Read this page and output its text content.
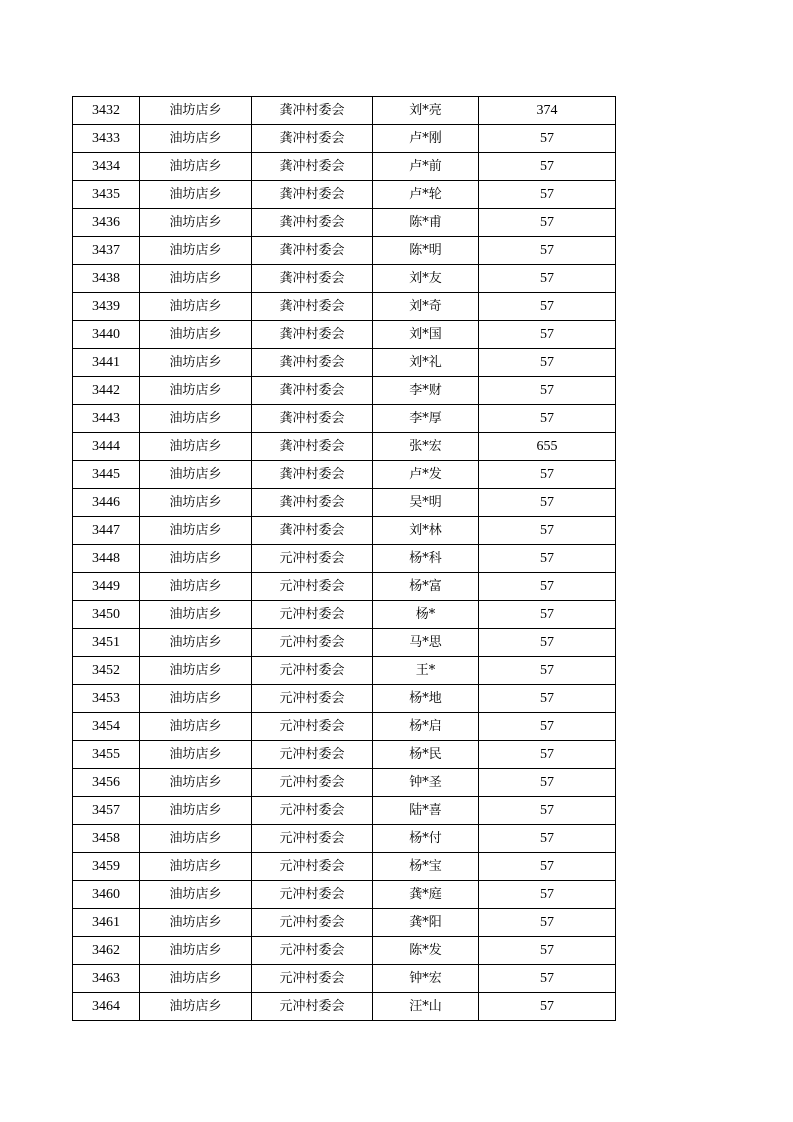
3432	油坊店乡	龚冲村委会	刘*亮	374
3433	油坊店乡	龚冲村委会	卢*刚	57
3434	油坊店乡	龚冲村委会	卢*前	57
3435	油坊店乡	龚冲村委会	卢*轮	57
3436	油坊店乡	龚冲村委会	陈*甫	57
3437	油坊店乡	龚冲村委会	陈*明	57
3438	油坊店乡	龚冲村委会	刘*友	57
3439	油坊店乡	龚冲村委会	刘*奇	57
3440	油坊店乡	龚冲村委会	刘*国	57
3441	油坊店乡	龚冲村委会	刘*礼	57
3442	油坊店乡	龚冲村委会	李*财	57
3443	油坊店乡	龚冲村委会	李*厚	57
3444	油坊店乡	龚冲村委会	张*宏	655
3445	油坊店乡	龚冲村委会	卢*发	57
3446	油坊店乡	龚冲村委会	吴*明	57
3447	油坊店乡	龚冲村委会	刘*林	57
3448	油坊店乡	元冲村委会	杨*科	57
3449	油坊店乡	元冲村委会	杨*富	57
3450	油坊店乡	元冲村委会	杨*	57
3451	油坊店乡	元冲村委会	马*思	57
3452	油坊店乡	元冲村委会	王*	57
3453	油坊店乡	元冲村委会	杨*地	57
3454	油坊店乡	元冲村委会	杨*启	57
3455	油坊店乡	元冲村委会	杨*民	57
3456	油坊店乡	元冲村委会	钟*圣	57
3457	油坊店乡	元冲村委会	陆*喜	57
3458	油坊店乡	元冲村委会	杨*付	57
3459	油坊店乡	元冲村委会	杨*宝	57
3460	油坊店乡	元冲村委会	龚*庭	57
3461	油坊店乡	元冲村委会	龚*阳	57
3462	油坊店乡	元冲村委会	陈*发	57
3463	油坊店乡	元冲村委会	钟*宏	57
3464	油坊店乡	元冲村委会	汪*山	57
